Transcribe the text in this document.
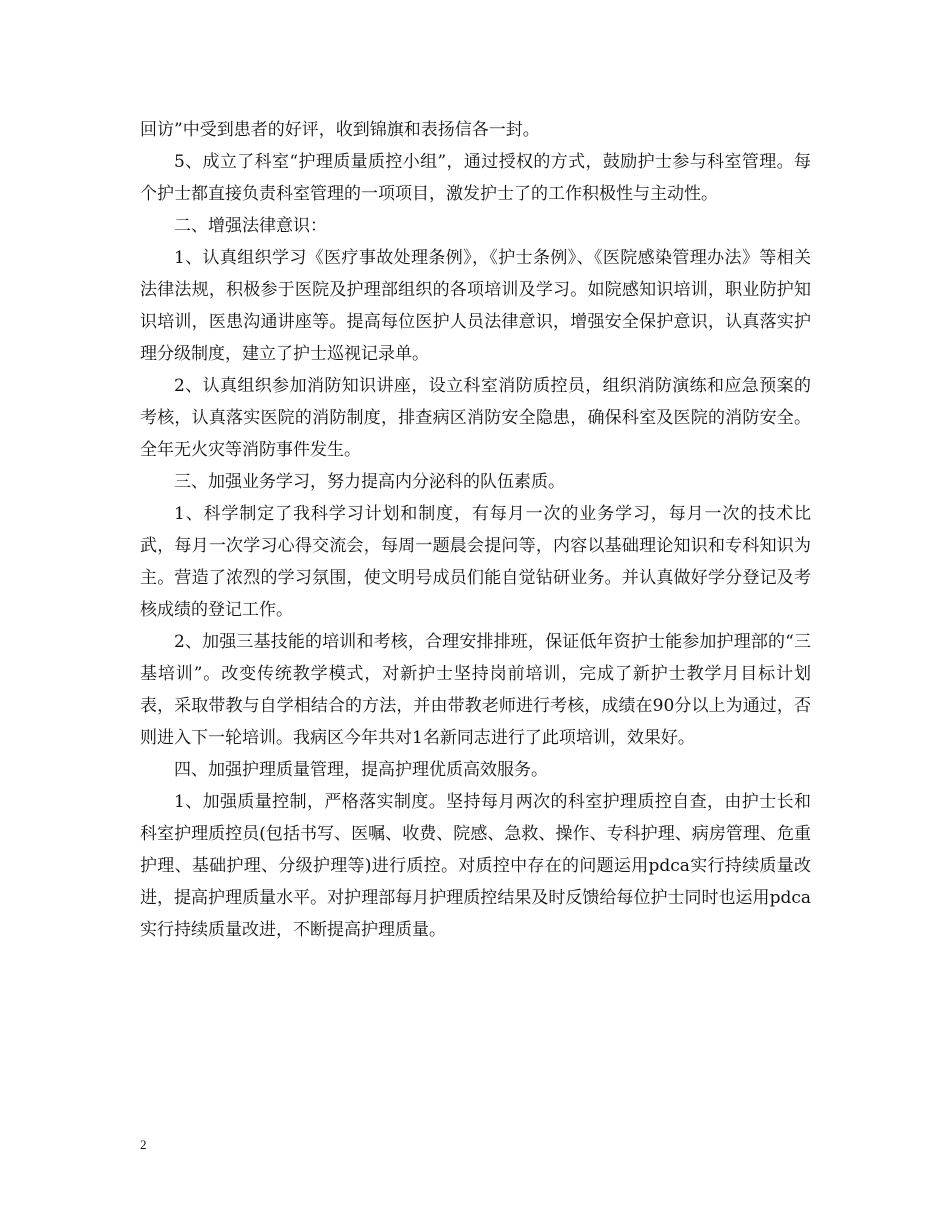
回访”中受到患者的好评，收到锦旗和表扬信各一封。

5、成立了科室“护理质量质控小组”，通过授权的方式，鼓励护士参与科室管理。每个护士都直接负责科室管理的一项项目，激发护士了的工作积极性与主动性。

二、增强法律意识：

1、认真组织学习《医疗事故处理条例》，《护士条例》、《医院感染管理办法》等相关法律法规，积极参于医院及护理部组织的各项培训及学习。如院感知识培训，职业防护知识培训，医患沟通讲座等。提高每位医护人员法律意识，增强安全保护意识，认真落实护理分级制度，建立了护士巡视记录单。

2、认真组织参加消防知识讲座，设立科室消防质控员，组织消防演练和应急预案的考核，认真落实医院的消防制度，排查病区消防安全隐患，确保科室及医院的消防安全。全年无火灾等消防事件发生。

三、加强业务学习，努力提高内分泌科的队伍素质。

1、科学制定了我科学习计划和制度，有每月一次的业务学习，每月一次的技术比武，每月一次学习心得交流会，每周一题晨会提问等，内容以基础理论知识和专科知识为主。营造了浓烈的学习氛围，使文明号成员们能自觉钻研业务。并认真做好学分登记及考核成绩的登记工作。

2、加强三基技能的培训和考核，合理安排排班，保证低年资护士能参加护理部的“三基培训”。改变传统教学模式，对新护士坚持岗前培训，完成了新护士教学月目标计划表，采取带教与自学相结合的方法，并由带教老师进行考核，成绩在90分以上为通过，否则进入下一轮培训。我病区今年共对1名新同志进行了此项培训，效果好。

四、加强护理质量管理，提高护理优质高效服务。

1、加强质量控制，严格落实制度。坚持每月两次的科室护理质控自查，由护士长和科室护理质控员(包括书写、医嘱、收费、院感、急救、操作、专科护理、病房管理、危重护理、基础护理、分级护理等)进行质控。对质控中存在的问题运用pdca实行持续质量改进，提高护理质量水平。对护理部每月护理质控结果及时反馈给每位护士同时也运用pdca实行持续质量改进，不断提高护理质量。

2
